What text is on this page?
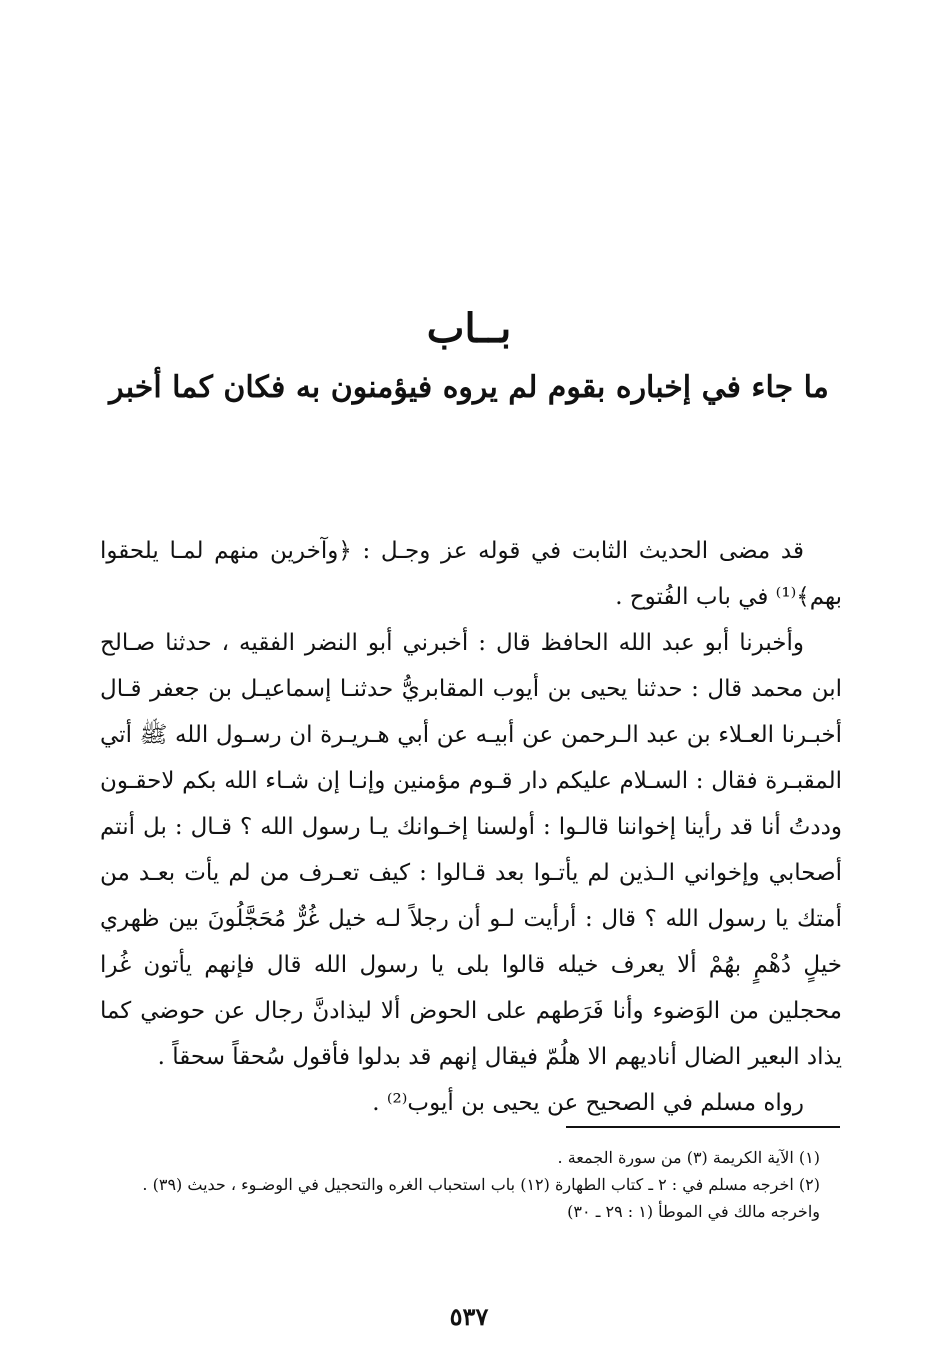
بــاب
ما جاء في إخباره بقوم لم يروه فيؤمنون به فكان كما أخبر

قد مضى الحديث الثابت في قوله عز وجـل : ﴿وآخرين منهم لمـا يلحقوا بهم﴾⁽¹⁾ في باب الفُتوح .

وأخبرنا أبو عبد الله الحافظ قال : أخبرني أبو النضر الفقيه ، حدثنا صـالح ابن محمد قال : حدثنا يحيى بن أيوب المقابريُّ حدثنـا إسماعيـل بن جعفر قـال أخبـرنا العـلاء بن عبد الـرحمن عن أبيـه عن أبي هـريـرة ان رسـول الله ﷺ أتي المقبـرة فقال : السـلام عليكم دار قـوم مؤمنين وإنـا إن شـاء الله بكم لاحقـون وددتُ أنا قد رأينا إخواننا قالـوا : أولسنا إخـوانك يـا رسول الله ؟ قـال : بل أنتم أصحابي وإخواني الـذين لم يأتـوا بعد قـالوا : كيف تعـرف من لم يأت بعـد من أمتك يا رسول الله ؟ قال : أرأيت لـو أن رجلاً لـه خيل غُرٌّ مُحَجَّلُونَ بين ظهري خيلٍ دُهْمٍ بهُمْ ألا يعرف خيله قالوا بلى يا رسول الله قال فإنهم يأتون غُرا محجلين من الوَضوء وأنا فَرَطهم على الحوض ألا ليذادنَّ رجال عن حوضي كما يذاد البعير الضال أناديهم الا هلُمّ فيقال إنهم قد بدلوا فأقول سُحقاً سحقاً .

رواه مسلم في الصحيح عن يحيى بن أيوب⁽²⁾ .

(١) الآية الكريمة (٣) من سورة الجمعة .

(٢) اخرجه مسلم في : ٢ ـ كتاب الطهارة (١٢) باب استحباب الغره والتحجيل في الوضـوء ، حديث (٣٩) .

واخرجه مالك في الموطأ (١ : ٢٩ ـ ٣٠)

٥٣٧
